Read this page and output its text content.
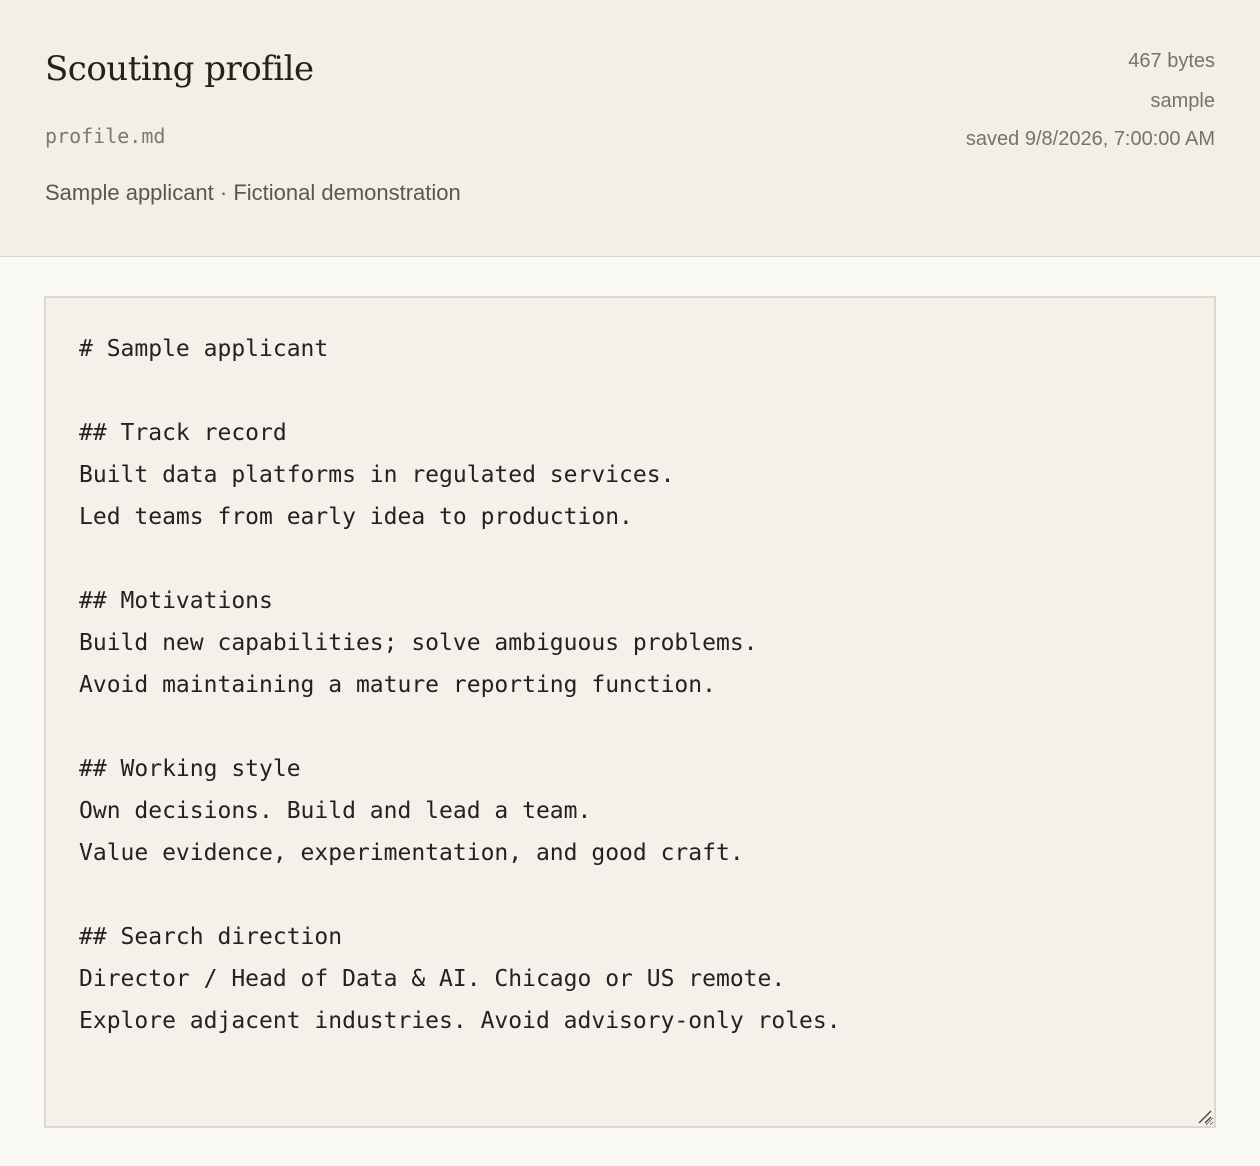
Scouting profile
profile.md
Sample applicant · Fictional demonstration
467 bytes
sample
saved 9/8/2026, 7:00:00 AM
# Sample applicant ## Track record Built data platforms in regulated services. Led teams from early idea to production. ## Motivations Build new capabilities; solve ambiguous problems. Avoid maintaining a mature reporting function. ## Working style Own decisions. Build and lead a team. Value evidence, experimentation, and good craft. ## Search direction Director / Head of Data & AI. Chicago or US remote. Explore adjacent industries. Avoid advisory-only roles.
